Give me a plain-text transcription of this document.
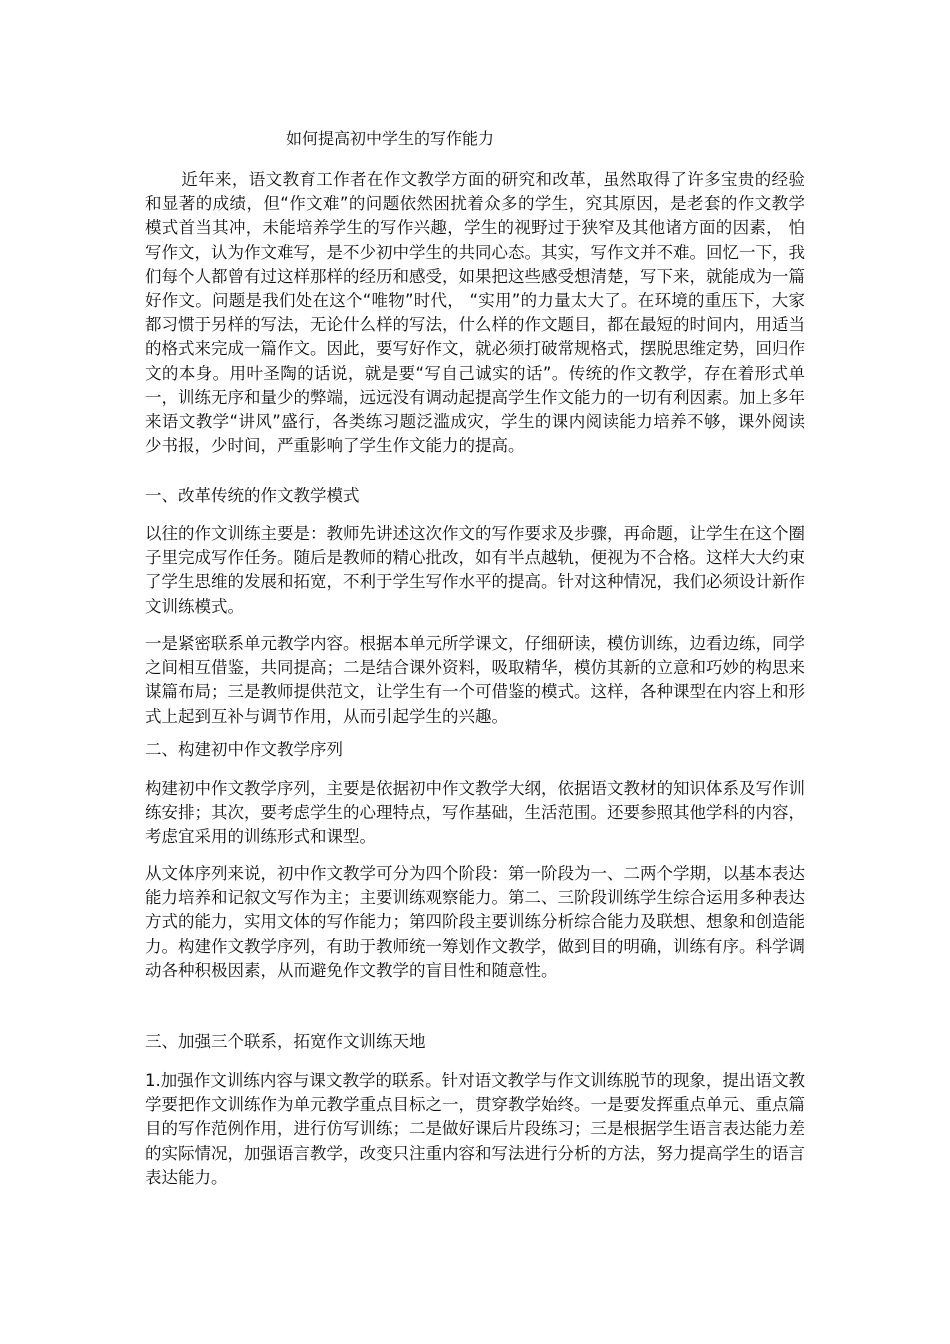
如何提高初中学生的写作能力

近年来，语文教育工作者在作文教学方面的研究和改革，虽然取得了许多宝贵的经验和显著的成绩，但“作文难”的问题依然困扰着众多的学生，究其原因，是老套的作文教学模式首当其冲，未能培养学生的写作兴趣，学生的视野过于狭窄及其他诸方面的因素， 怕写作文，认为作文难写，是不少初中学生的共同心态。其实，写作文并不难。回忆一下，我们每个人都曾有过这样那样的经历和感受，如果把这些感受想清楚，写下来，就能成为一篇好作文。问题是我们处在这个“唯物”时代， “实用”的力量太大了。在环境的重压下，大家都习惯于另样的写法，无论什么样的写法，什么样的作文题目，都在最短的时间内，用适当的格式来完成一篇作文。因此，要写好作文，就必须打破常规格式，摆脱思维定势，回归作文的本身。用叶圣陶的话说，就是要“写自己诚实的话”。传统的作文教学，存在着形式单一，训练无序和量少的弊端，远远没有调动起提高学生作文能力的一切有利因素。加上多年来语文教学“讲风”盛行，各类练习题泛滥成灾，学生的课内阅读能力培养不够，课外阅读少书报，少时间，严重影响了学生作文能力的提高。

一、改革传统的作文教学模式

以往的作文训练主要是：教师先讲述这次作文的写作要求及步骤，再命题，让学生在这个圈子里完成写作任务。随后是教师的精心批改，如有半点越轨，便视为不合格。这样大大约束了学生思维的发展和拓宽，不利于学生写作水平的提高。针对这种情况，我们必须设计新作文训练模式。

一是紧密联系单元教学内容。根据本单元所学课文，仔细研读，模仿训练，边看边练，同学之间相互借鉴，共同提高；二是结合课外资料，吸取精华，模仿其新的立意和巧妙的构思来谋篇布局；三是教师提供范文，让学生有一个可借鉴的模式。这样，各种课型在内容上和形式上起到互补与调节作用，从而引起学生的兴趣。

二、构建初中作文教学序列

构建初中作文教学序列，主要是依据初中作文教学大纲，依据语文教材的知识体系及写作训练安排；其次，要考虑学生的心理特点，写作基础，生活范围。还要参照其他学科的内容，考虑宜采用的训练形式和课型。

从文体序列来说，初中作文教学可分为四个阶段：第一阶段为一、二两个学期，以基本表达能力培养和记叙文写作为主；主要训练观察能力。第二、三阶段训练学生综合运用多种表达方式的能力，实用文体的写作能力；第四阶段主要训练分析综合能力及联想、想象和创造能力。构建作文教学序列，有助于教师统一筹划作文教学，做到目的明确，训练有序。科学调动各种积极因素，从而避免作文教学的盲目性和随意性。

三、加强三个联系，拓宽作文训练天地

1.加强作文训练内容与课文教学的联系。针对语文教学与作文训练脱节的现象，提出语文教学要把作文训练作为单元教学重点目标之一，贯穿教学始终。一是要发挥重点单元、重点篇目的写作范例作用，进行仿写训练；二是做好课后片段练习；三是根据学生语言表达能力差的实际情况，加强语言教学，改变只注重内容和写法进行分析的方法，努力提高学生的语言表达能力。
